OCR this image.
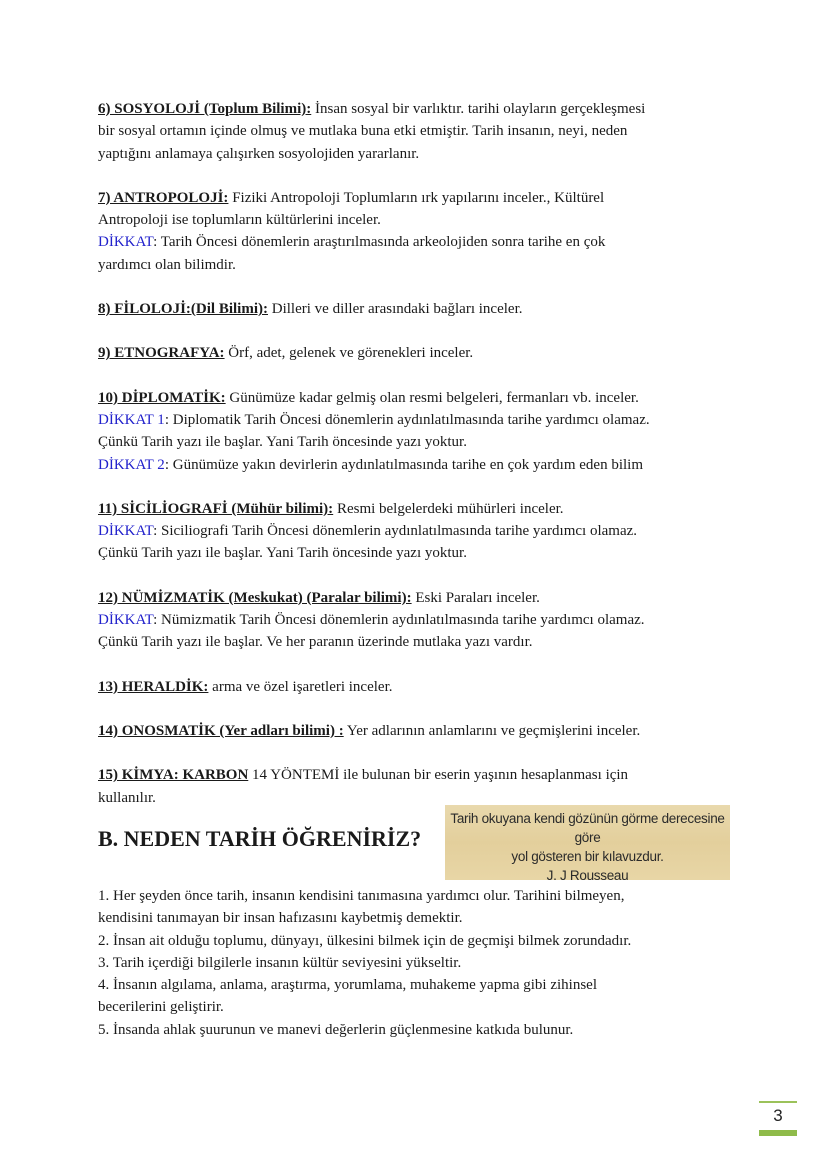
6) SOSYOLOJİ (Toplum Bilimi): İnsan sosyal bir varlıktır. tarihi olayların gerçekleşmesi
bir sosyal ortamın içinde olmuş ve mutlaka buna etki etmiştir. Tarih insanın, neyi, neden
yaptığını anlamaya çalışırken sosyolojiden yararlanır.
7) ANTROPOLOJİ: Fiziki Antropoloji Toplumların ırk yapılarını inceler., Kültürel
Antropoloji ise toplumların kültürlerini inceler.
DİKKAT: Tarih Öncesi dönemlerin araştırılmasında arkeolojiden sonra tarihe en çok
yardımcı olan bilimdir.
8) FİLOLOJİ:(Dil Bilimi): Dilleri ve diller arasındaki bağları inceler.
9) ETNOGRAFYA: Örf, adet, gelenek ve görenekleri inceler.
10) DİPLOMATİK: Günümüze kadar gelmiş olan resmi belgeleri, fermanları vb. inceler.
DİKKAT 1: Diplomatik Tarih Öncesi dönemlerin aydınlatılmasında tarihe yardımcı olamaz.
Çünkü Tarih yazı ile başlar. Yani Tarih öncesinde yazı yoktur.
DİKKAT 2: Günümüze yakın devirlerin aydınlatılmasında tarihe en çok yardım eden bilim
11) SİCİLİOGRAFİ (Mühür bilimi): Resmi belgelerdeki mühürleri inceler.
DİKKAT: Siciliografi Tarih Öncesi dönemlerin aydınlatılmasında tarihe yardımcı olamaz.
Çünkü Tarih yazı ile başlar. Yani Tarih öncesinde yazı yoktur.
12) NÜMİZMATİK (Meskukat) (Paralar bilimi): Eski Paraları inceler.
DİKKAT: Nümizmatik Tarih Öncesi dönemlerin aydınlatılmasında tarihe yardımcı olamaz.
Çünkü Tarih yazı ile başlar. Ve her paranın üzerinde mutlaka yazı vardır.
13) HERALDİK: arma ve özel işaretleri inceler.
14) ONOSMATİK (Yer adları bilimi) : Yer adlarının anlamlarını ve geçmişlerini inceler.
15) KİMYA: KARBON 14 YÖNTEMİ ile bulunan bir eserin yaşının hesaplanması için
kullanılır.
B. NEDEN TARİH ÖĞRENİRİZ?
Tarih okuyana kendi gözünün görme derecesine göre
yol gösteren bir kılavuzdur.
J. J Rousseau
1. Her şeyden önce tarih, insanın kendisini tanımasına yardımcı olur. Tarihini bilmeyen,
kendisini tanımayan bir insan hafızasını kaybetmiş demektir.
2. İnsan ait olduğu toplumu, dünyayı, ülkesini bilmek için de geçmişi bilmek zorundadır.
3. Tarih içerdiği bilgilerle insanın kültür seviyesini yükseltir.
4. İnsanın algılama, anlama, araştırma, yorumlama, muhakeme yapma gibi zihinsel
becerilerini geliştirir.
5. İnsanda ahlak şuurunun ve manevi değerlerin güçlenmesine katkıda bulunur.
3
